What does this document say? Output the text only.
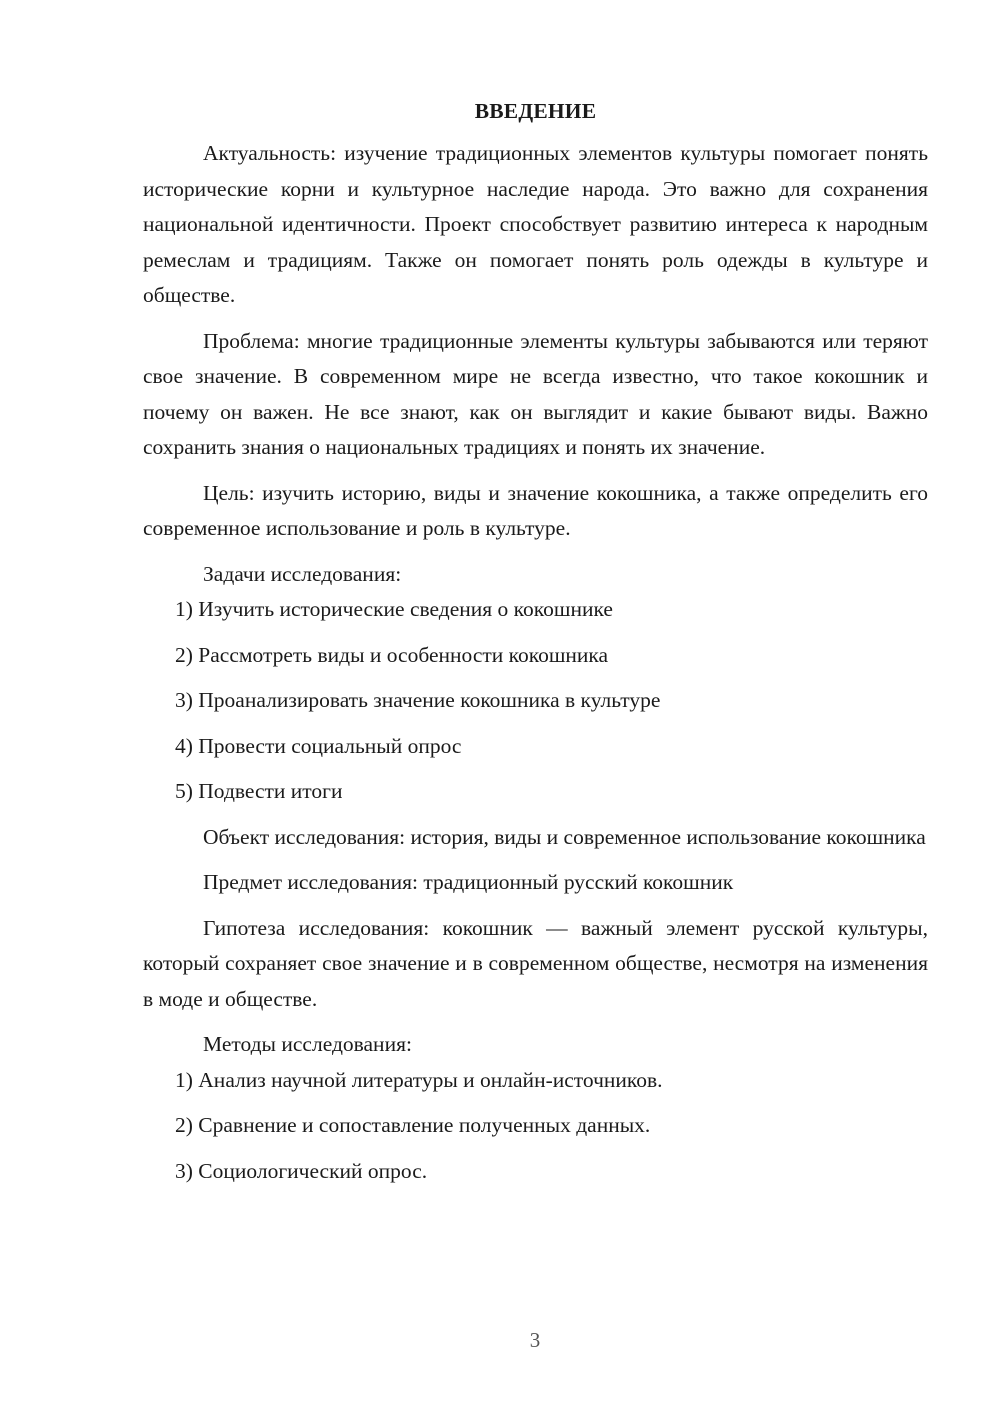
ВВЕДЕНИЕ

Актуальность: изучение традиционных элементов культуры помогает понять исторические корни и культурное наследие народа. Это важно для сохранения национальной идентичности. Проект способствует развитию интереса к народным ремеслам и традициям. Также он помогает понять роль одежды в культуре и обществе.

Проблема: многие традиционные элементы культуры забываются или теряют свое значение. В современном мире не всегда известно, что такое кокошник и почему он важен. Не все знают, как он выглядит и какие бывают виды. Важно сохранить знания о национальных традициях и понять их значение.

Цель: изучить историю, виды и значение кокошника, а также определить его современное использование и роль в культуре.

Задачи исследования:

1) Изучить исторические сведения о кокошнике
2) Рассмотреть виды и особенности кокошника
3) Проанализировать значение кокошника в культуре
4) Провести социальный опрос
5) Подвести итоги

Объект исследования: история, виды и современное использование кокошника

Предмет исследования: традиционный русский кокошник

Гипотеза исследования: кокошник — важный элемент русской культуры, который сохраняет свое значение и в современном обществе, несмотря на изменения в моде и обществе.

Методы исследования:

1) Анализ научной литературы и онлайн-источников.
2) Сравнение и сопоставление полученных данных.
3) Социологический опрос.
3
